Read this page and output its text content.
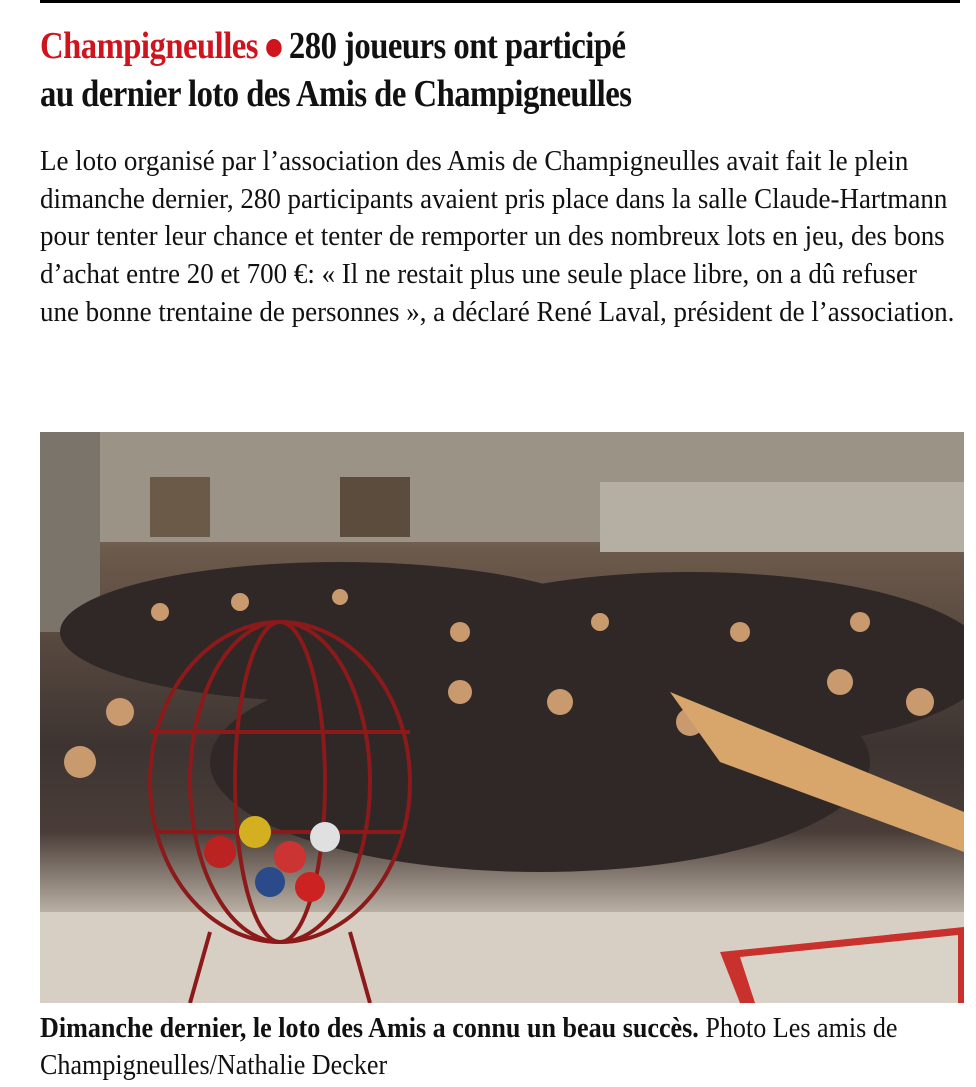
Champigneulles 280 joueurs ont participé
au dernier loto des Amis de Champigneulles

Le loto organisé par l’association des Amis de Champigneulles avait fait le plein dimanche dernier, 280 participants avaient pris place dans la salle Claude-Hartmann pour tenter leur chance et tenter de remporter un des nombreux lots en jeu, des bons d’achat entre 20 et 700 €: « Il ne restait plus une seule place libre, on a dû refuser une bonne trentaine de personnes », a déclaré René Laval, président de l’association.

Dimanche dernier, le loto des Amis a connu un beau succès. Photo Les amis de Champigneulles/Nathalie Decker
